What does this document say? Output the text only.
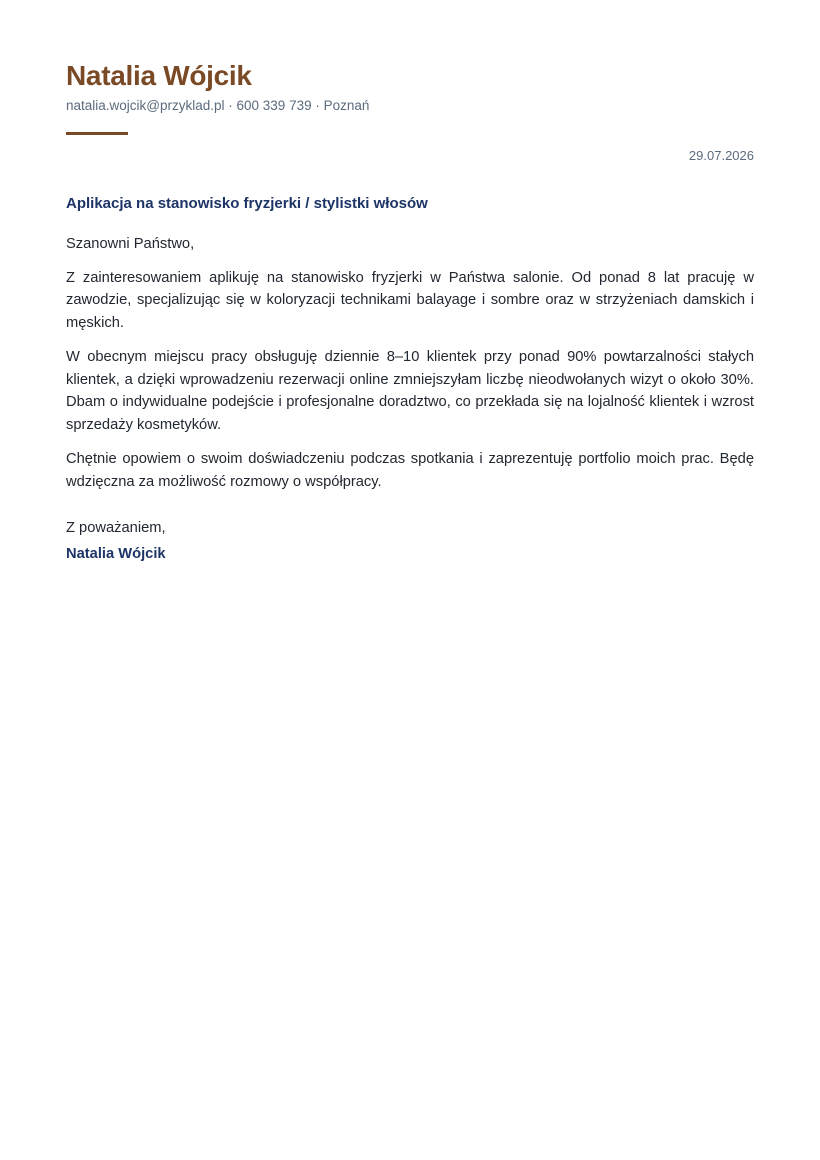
Natalia Wójcik
natalia.wojcik@przyklad.pl · 600 339 739 · Poznań
29.07.2026
Aplikacja na stanowisko fryzjerki / stylistki włosów

Szanowni Państwo,

Z zainteresowaniem aplikuję na stanowisko fryzjerki w Państwa salonie. Od ponad 8 lat pracuję w zawodzie, specjalizując się w koloryzacji technikami balayage i sombre oraz w strzyżeniach damskich i męskich.

W obecnym miejscu pracy obsługuję dziennie 8–10 klientek przy ponad 90% powtarzalności stałych klientek, a dzięki wprowadzeniu rezerwacji online zmniejszyłam liczbę nieodwołanych wizyt o około 30%. Dbam o indywidualne podejście i profesjonalne doradztwo, co przekłada się na lojalność klientek i wzrost sprzedaży kosmetyków.

Chętnie opowiem o swoim doświadczeniu podczas spotkania i zaprezentuję portfolio moich prac. Będę wdzięczna za możliwość rozmowy o współpracy.

Z poważaniem,
Natalia Wójcik
